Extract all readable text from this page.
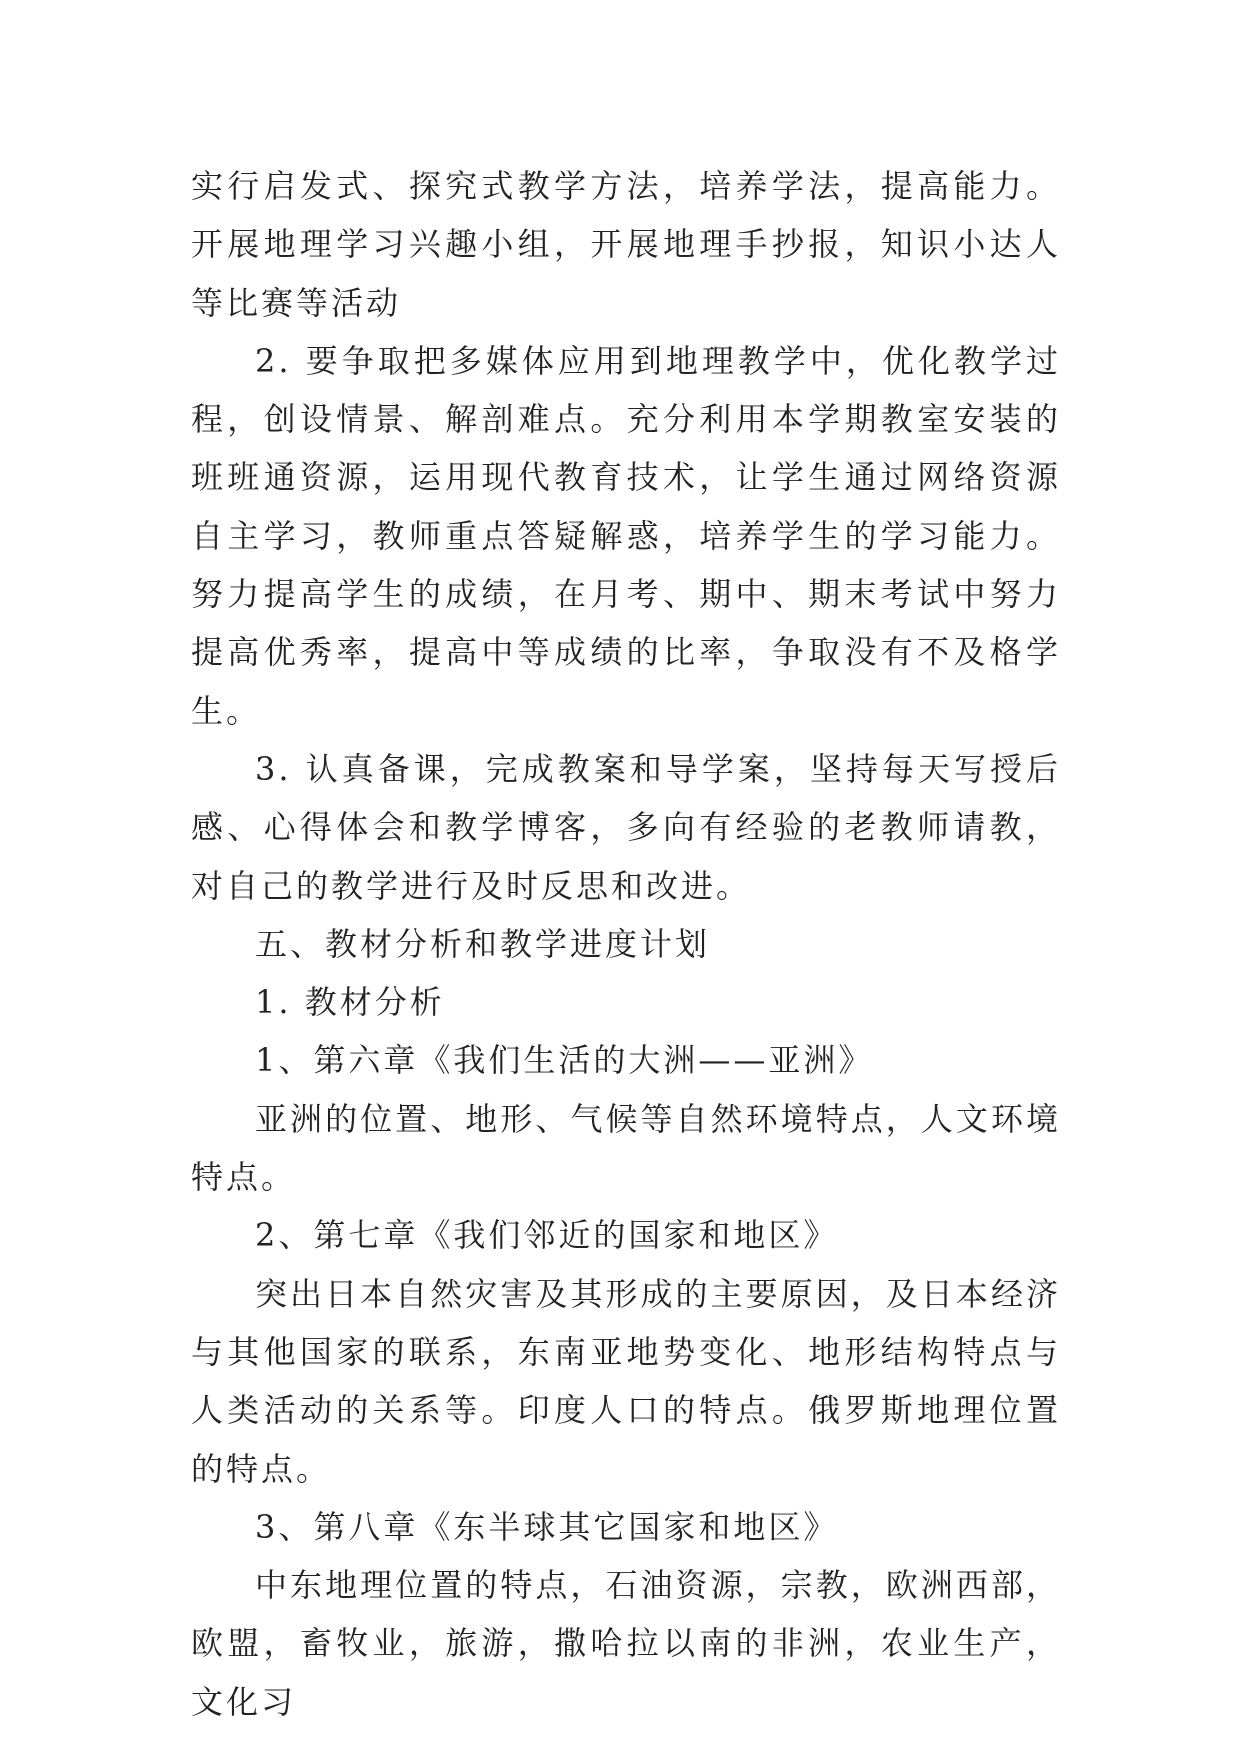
实行启发式、探究式教学方法，培养学法，提高能力。开展地理学习兴趣小组，开展地理手抄报，知识小达人等比赛等活动

2. 要争取把多媒体应用到地理教学中，优化教学过程，创设情景、解剖难点。充分利用本学期教室安装的班班通资源，运用现代教育技术，让学生通过网络资源自主学习，教师重点答疑解惑，培养学生的学习能力。努力提高学生的成绩，在月考、期中、期末考试中努力提高优秀率，提高中等成绩的比率，争取没有不及格学生。

3. 认真备课，完成教案和导学案，坚持每天写授后感、心得体会和教学博客，多向有经验的老教师请教，对自己的教学进行及时反思和改进。

五、教材分析和教学进度计划

1. 教材分析

1、第六章《我们生活的大洲——亚洲》

亚洲的位置、地形、气候等自然环境特点，人文环境特点。

2、第七章《我们邻近的国家和地区》

突出日本自然灾害及其形成的主要原因，及日本经济与其他国家的联系，东南亚地势变化、地形结构特点与人类活动的关系等。印度人口的特点。俄罗斯地理位置的特点。

3、第八章《东半球其它国家和地区》

中东地理位置的特点，石油资源，宗教，欧洲西部，欧盟，畜牧业，旅游，撒哈拉以南的非洲，农业生产，文化习
